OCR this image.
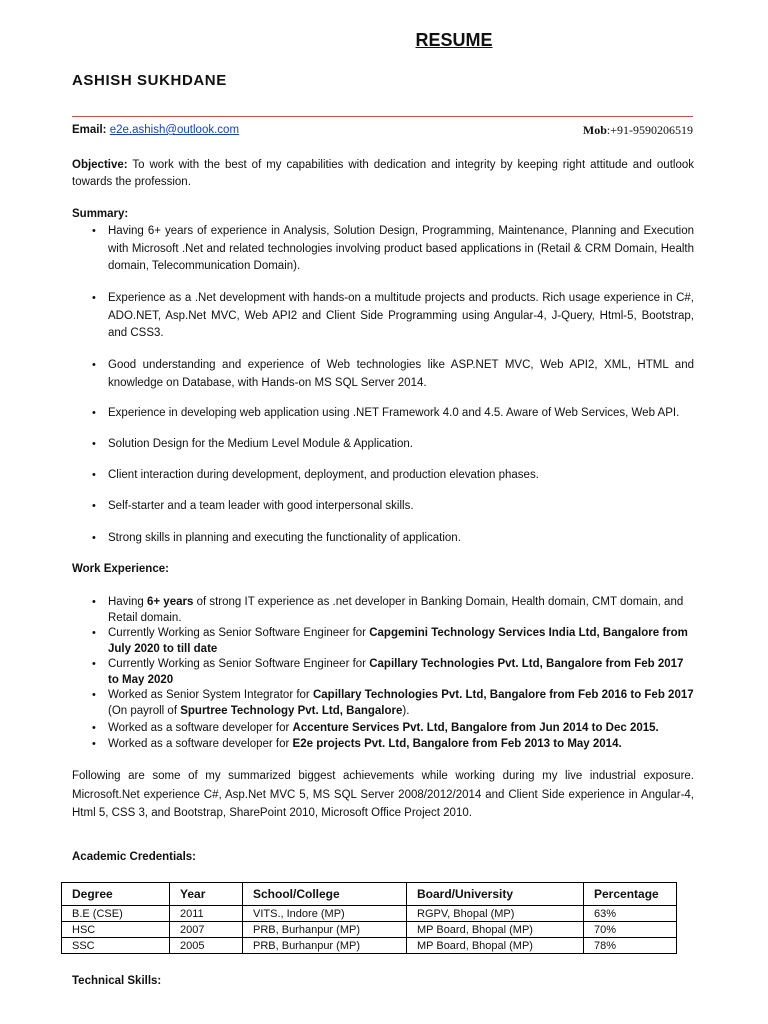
RESUME
ASHISH SUKHDANE
Email: e2e.ashish@outlook.com	Mob:+91-9590206519
Objective: To work with the best of my capabilities with dedication and integrity by keeping right attitude and outlook towards the profession.
Summary:
• Having 6+ years of experience in Analysis, Solution Design, Programming, Maintenance, Planning and Execution with Microsoft .Net and related technologies involving product based applications in (Retail & CRM Domain, Health domain, Telecommunication Domain).
• Experience as a .Net development with hands-on a multitude projects and products. Rich usage experience in C#, ADO.NET, Asp.Net MVC, Web API2 and Client Side Programming using Angular-4, J-Query, Html-5, Bootstrap, and CSS3.
• Good understanding and experience of Web technologies like ASP.NET MVC, Web API2, XML, HTML and knowledge on Database, with Hands-on MS SQL Server 2014.
• Experience in developing web application using .NET Framework 4.0 and 4.5. Aware of Web Services, Web API.
• Solution Design for the Medium Level Module & Application.
• Client interaction during development, deployment, and production elevation phases.
• Self-starter and a team leader with good interpersonal skills.
• Strong skills in planning and executing the functionality of application.
Work Experience:
• Having 6+ years of strong IT experience as .net developer in Banking Domain, Health domain, CMT domain, and Retail domain.
• Currently Working as Senior Software Engineer for Capgemini Technology Services India Ltd, Bangalore from July 2020 to till date
• Currently Working as Senior Software Engineer for Capillary Technologies Pvt. Ltd, Bangalore from Feb 2017 to May 2020
• Worked as Senior System Integrator for Capillary Technologies Pvt. Ltd, Bangalore from Feb 2016 to Feb 2017
(On payroll of Spurtree Technology Pvt. Ltd, Bangalore).
• Worked as a software developer for Accenture Services Pvt. Ltd, Bangalore from Jun 2014 to Dec 2015.
• Worked as a software developer for E2e projects Pvt. Ltd, Bangalore from Feb 2013 to May 2014.
Following are some of my summarized biggest achievements while working during my live industrial exposure. Microsoft.Net experience C#, Asp.Net MVC 5, MS SQL Server 2008/2012/2014 and Client Side experience in Angular-4, Html 5, CSS 3, and Bootstrap, SharePoint 2010, Microsoft Office Project 2010.
Academic Credentials:
Degree	Year	School/College	Board/University	Percentage
B.E (CSE)	2011	VITS., Indore (MP)	RGPV, Bhopal (MP)	63%
HSC	2007	PRB, Burhanpur (MP)	MP Board, Bhopal (MP)	70%
SSC	2005	PRB, Burhanpur (MP)	MP Board, Bhopal (MP)	78%
Technical Skills:
